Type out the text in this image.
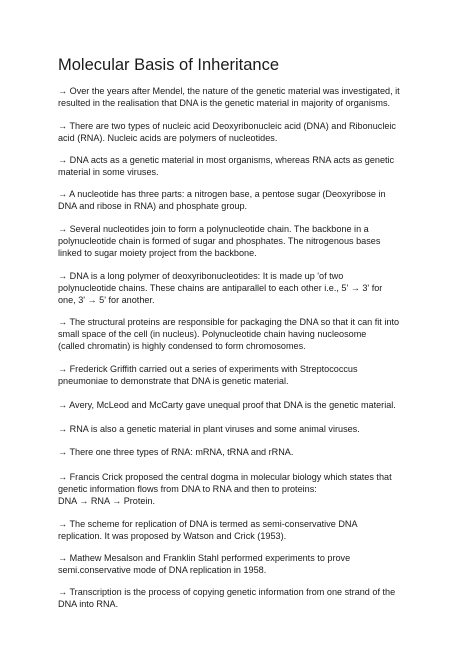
Molecular Basis of Inheritance

→ Over the years after Mendel, the nature of the genetic material was investigated, it
resulted in the realisation that DNA is the genetic material in majority of organisms.

→ There are two types of nucleic acid Deoxyribonucleic acid (DNA) and Ribonucleic
acid (RNA). Nucleic acids are polymers of nucleotides.

→ DNA acts as a genetic material in most organisms, whereas RNA acts as genetic
material in some viruses.

→ A nucleotide has three parts: a nitrogen base, a pentose sugar (Deoxyribose in
DNA and ribose in RNA) and phosphate group.

→ Several nucleotides join to form a polynucleotide chain. The backbone in a
polynucleotide chain is formed of sugar and phosphates. The nitrogenous bases
linked to sugar moiety project from the backbone.

→ DNA is a long polymer of deoxyribonucleotides: It is made up 'of two
polynucleotide chains. These chains are antiparallel to each other i.e., 5' → 3' for
one, 3' → 5' for another.

→ The structural proteins are responsible for packaging the DNA so that it can fit into
small space of the cell (in nucleus). Polynucleotide chain having nucleosome
(called chromatin) is highly condensed to form chromosomes.

→ Frederick Griffith carried out a series of experiments with Streptococcus
pneumoniae to demonstrate that DNA is genetic material.

→ Avery, McLeod and McCarty gave unequal proof that DNA is the genetic material.

→ RNA is also a genetic material in plant viruses and some animal viruses.

→ There one three types of RNA: mRNA, tRNA and rRNA.

→ Francis Crick proposed the central dogma in molecular biology which states that
genetic information flows from DNA to RNA and then to proteins:
DNA → RNA → Protein.

→ The scheme for replication of DNA is termed as semi-conservative DNA
replication. It was proposed by Watson and Crick (1953).

→ Mathew Mesalson and Franklin Stahl performed experiments to prove
semi.conservative mode of DNA replication in 1958.

→ Transcription is the process of copying genetic information from one strand of the
DNA into RNA.
